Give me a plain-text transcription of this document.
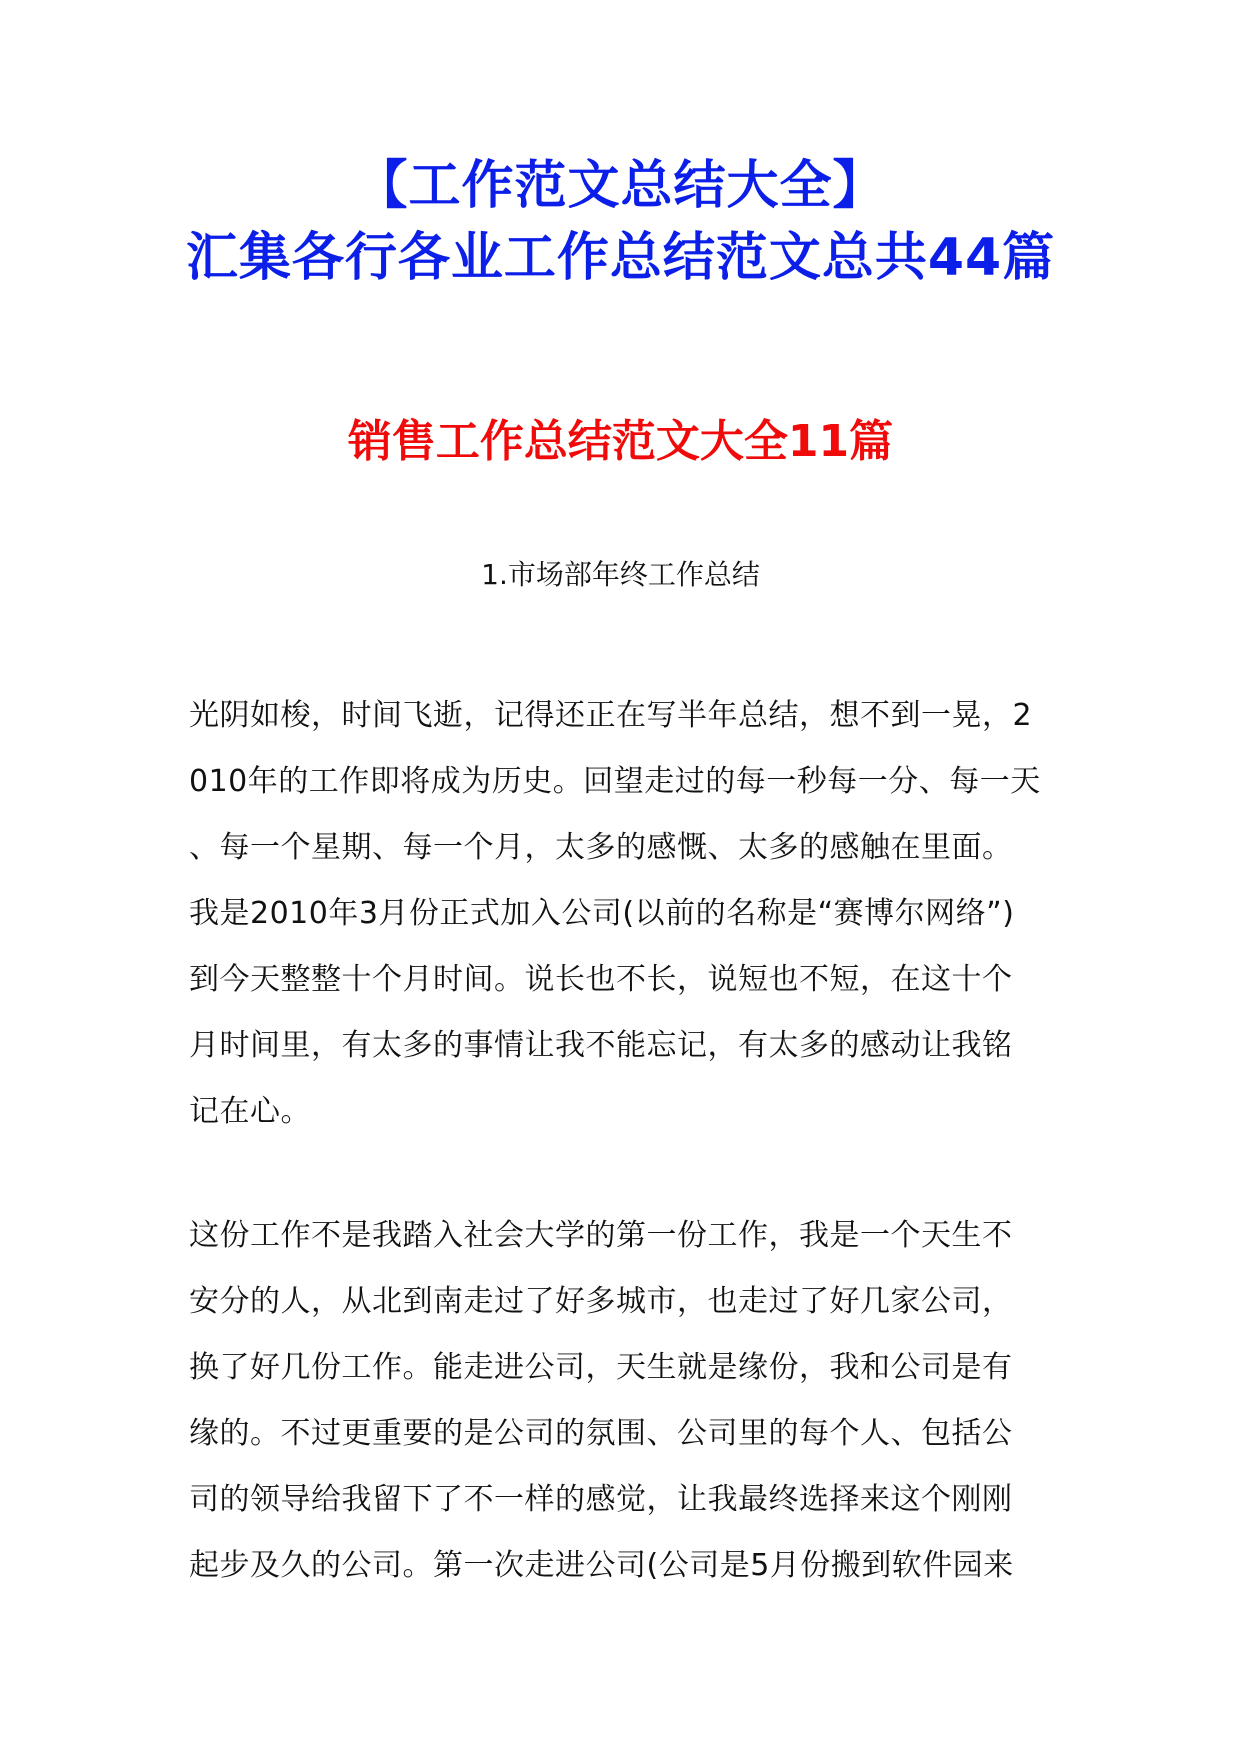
【工作范文总结大全】
汇集各行各业工作总结范文总共44篇
销售工作总结范文大全11篇
1.市场部年终工作总结
光阴如梭，时间飞逝，记得还正在写半年总结，想不到一晃，2
010年的工作即将成为历史。回望走过的每一秒每一分、每一天
、每一个星期、每一个月，太多的感慨、太多的感触在里面。
我是2010年3月份正式加入公司(以前的名称是“赛博尔网络”)
到今天整整十个月时间。说长也不长，说短也不短，在这十个
月时间里，有太多的事情让我不能忘记，有太多的感动让我铭
记在心。
这份工作不是我踏入社会大学的第一份工作，我是一个天生不
安分的人，从北到南走过了好多城市，也走过了好几家公司，
换了好几份工作。能走进公司，天生就是缘份，我和公司是有
缘的。不过更重要的是公司的氛围、公司里的每个人、包括公
司的领导给我留下了不一样的感觉，让我最终选择来这个刚刚
起步及久的公司。第一次走进公司(公司是5月份搬到软件园来
